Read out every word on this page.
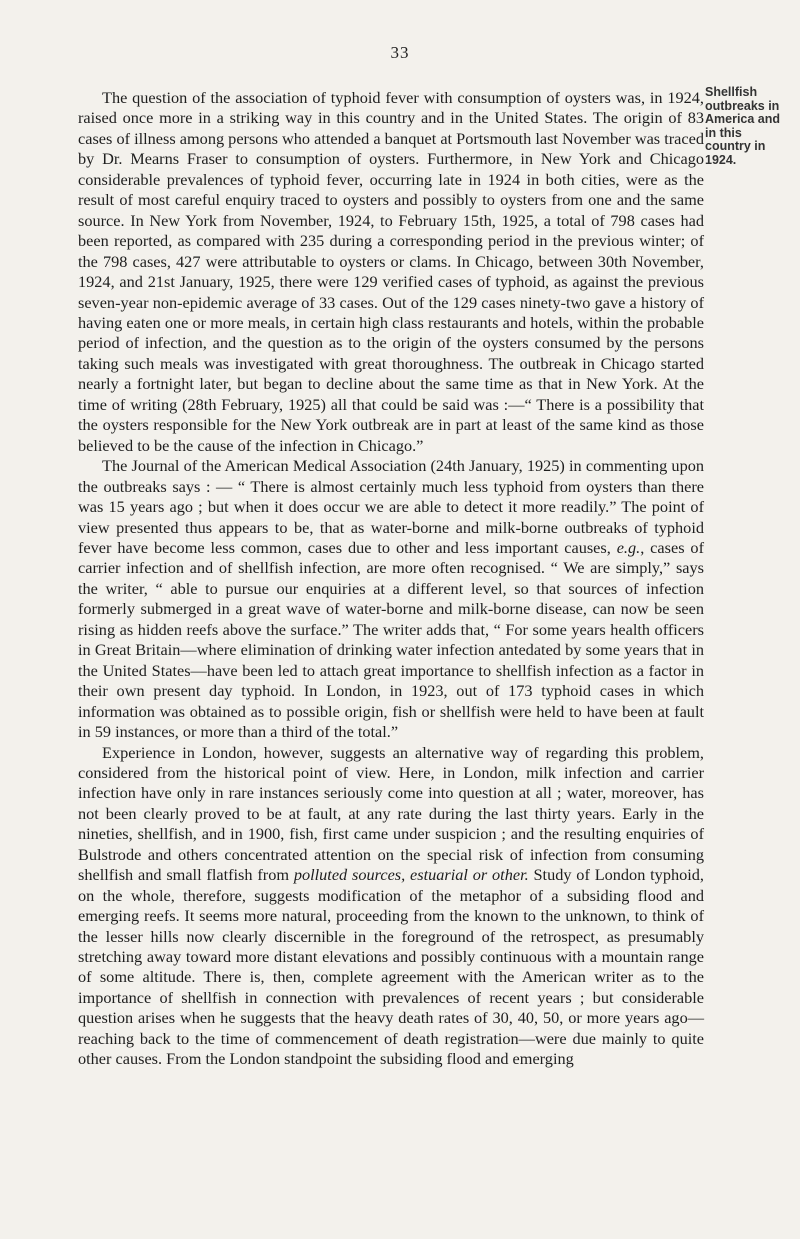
33
Shellfish
outbreaks in
America and
in this
country in
1924.

The question of the association of typhoid fever with consumption of oysters was, in 1924, raised once more in a striking way in this country and in the United States. The origin of 83 cases of illness among persons who attended a banquet at Portsmouth last November was traced by Dr. Mearns Fraser to consumption of oysters. Furthermore, in New York and Chicago considerable prevalences of typhoid fever, occurring late in 1924 in both cities, were as the result of most careful enquiry traced to oysters and possibly to oysters from one and the same source. In New York from November, 1924, to February 15th, 1925, a total of 798 cases had been reported, as compared with 235 during a corresponding period in the previous winter; of the 798 cases, 427 were attributable to oysters or clams. In Chicago, between 30th November, 1924, and 21st January, 1925, there were 129 verified cases of typhoid, as against the previous seven-year non-epidemic average of 33 cases. Out of the 129 cases ninety-two gave a history of having eaten one or more meals, in certain high class restaurants and hotels, within the probable period of infection, and the question as to the origin of the oysters consumed by the persons taking such meals was investigated with great thoroughness. The outbreak in Chicago started nearly a fortnight later, but began to decline about the same time as that in New York. At the time of writing (28th February, 1925) all that could be said was :—“ There is a possibility that the oysters responsible for the New York outbreak are in part at least of the same kind as those believed to be the cause of the infection in Chicago.”

The Journal of the American Medical Association (24th January, 1925) in commenting upon the outbreaks says : — “ There is almost certainly much less typhoid from oysters than there was 15 years ago ; but when it does occur we are able to detect it more readily.” The point of view presented thus appears to be, that as water-borne and milk-borne outbreaks of typhoid fever have become less common, cases due to other and less important causes, e.g., cases of carrier infection and of shellfish infection, are more often recognised. “ We are simply,” says the writer, “ able to pursue our enquiries at a different level, so that sources of infection formerly submerged in a great wave of water-borne and milk-borne disease, can now be seen rising as hidden reefs above the surface.” The writer adds that, “ For some years health officers in Great Britain—where elimination of drinking water infection antedated by some years that in the United States—have been led to attach great importance to shellfish infection as a factor in their own present day typhoid. In London, in 1923, out of 173 typhoid cases in which information was obtained as to possible origin, fish or shellfish were held to have been at fault in 59 instances, or more than a third of the total.”

Experience in London, however, suggests an alternative way of regarding this problem, considered from the historical point of view. Here, in London, milk infection and carrier infection have only in rare instances seriously come into question at all ; water, moreover, has not been clearly proved to be at fault, at any rate during the last thirty years. Early in the nineties, shellfish, and in 1900, fish, first came under suspicion ; and the resulting enquiries of Bulstrode and others concentrated attention on the special risk of infection from consuming shellfish and small flatfish from polluted sources, estuarial or other. Study of London typhoid, on the whole, therefore, suggests modification of the metaphor of a subsiding flood and emerging reefs. It seems more natural, proceeding from the known to the unknown, to think of the lesser hills now clearly discernible in the foreground of the retrospect, as presumably stretching away toward more distant elevations and possibly continuous with a mountain range of some altitude. There is, then, complete agreement with the American writer as to the importance of shellfish in connection with prevalences of recent years ; but considerable question arises when he suggests that the heavy death rates of 30, 40, 50, or more years ago—reaching back to the time of commencement of death registration—were due mainly to quite other causes. From the London standpoint the subsiding flood and emerging
